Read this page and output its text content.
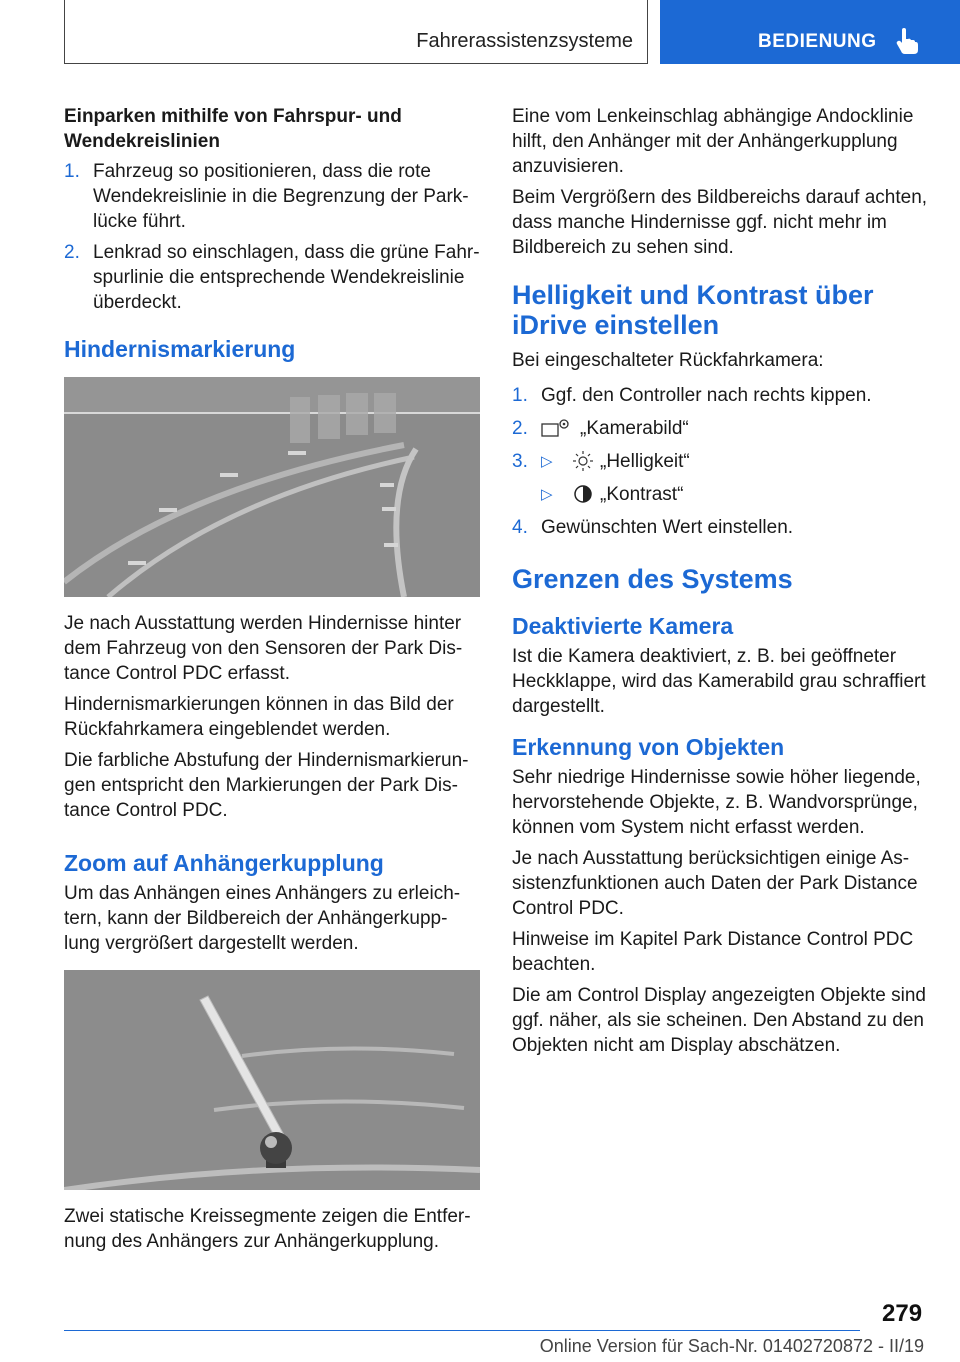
Fahrerassistenzsysteme	BEDIENUNG
Einparken mithilfe von Fahrspur- und Wendekreislinien
1. Fahrzeug so positionieren, dass die rote Wendekreislinie in die Begrenzung der Park‐lücke führt.
2. Lenkrad so einschlagen, dass die grüne Fahr‐spurlinie die entsprechende Wendekreislinie überdeckt.
Hindernismarkierung

Je nach Ausstattung werden Hindernisse hinter dem Fahrzeug von den Sensoren der Park Dis‐tance Control PDC erfasst.

Hindernismarkierungen können in das Bild der Rückfahrkamera eingeblendet werden.

Die farbliche Abstufung der Hindernismarkierun‐gen entspricht den Markierungen der Park Dis‐tance Control PDC.

Zoom auf Anhängerkupplung

Um das Anhängen eines Anhängers zu erleich‐tern, kann der Bildbereich der Anhängerkupp‐lung vergrößert dargestellt werden.

Zwei statische Kreissegmente zeigen die Entfer‐nung des Anhängers zur Anhängerkupplung.

Eine vom Lenkeinschlag abhängige Andocklinie hilft, den Anhänger mit der Anhängerkupplung anzuvisieren.

Beim Vergrößern des Bildbereichs darauf achten, dass manche Hindernisse ggf. nicht mehr im Bildbereich zu sehen sind.

Helligkeit und Kontrast über iDrive einstellen

Bei eingeschalteter Rückfahrkamera:

1. Ggf. den Controller nach rechts kippen.
2.	„Kamerabild“
3. ▷ „Helligkeit“
▷ „Kontrast“
4. Gewünschten Wert einstellen.
Grenzen des Systems
Deaktivierte Kamera

Ist die Kamera deaktiviert, z. B. bei geöffneter Heckklappe, wird das Kamerabild grau schraffiert dargestellt.

Erkennung von Objekten

Sehr niedrige Hindernisse sowie höher liegende, hervorstehende Objekte, z. B. Wandvorsprünge, können vom System nicht erfasst werden.

Je nach Ausstattung berücksichtigen einige As‐sistenzfunktionen auch Daten der Park Distance Control PDC.

Hinweise im Kapitel Park Distance Control PDC beachten.

Die am Control Display angezeigten Objekte sind ggf. näher, als sie scheinen. Den Abstand zu den Objekten nicht am Display abschätzen.

279
Online Version für Sach-Nr. 01402720872 - II/19
